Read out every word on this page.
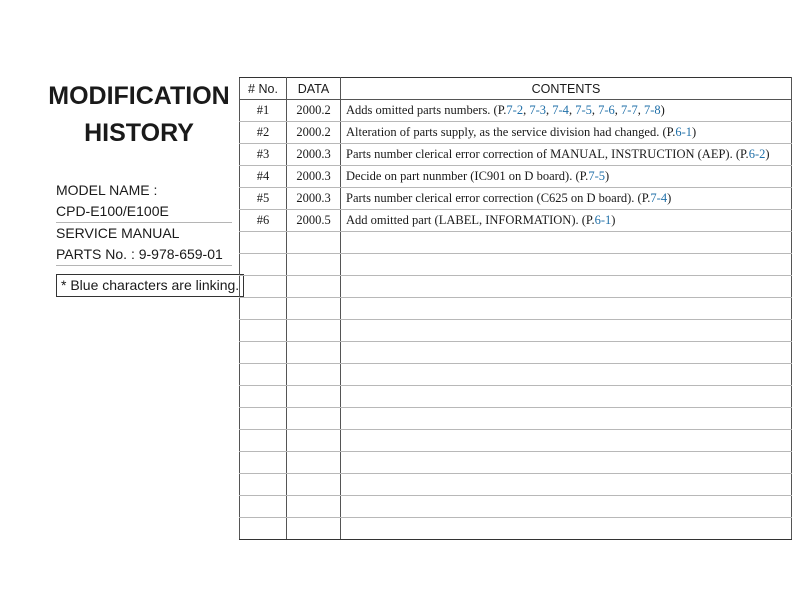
MODIFICATION
HISTORY
MODEL NAME :
CPD-E100/E100E
SERVICE MANUAL
PARTS No. : 9-978-659-01
* Blue characters are linking.
# No.	DATA	CONTENTS
#1	2000.2	Adds omitted parts numbers. (P.7-2, 7-3, 7-4, 7-5, 7-6, 7-7, 7-8)
#2	2000.2	Alteration of parts supply, as the service division had changed. (P.6-1)
#3	2000.3	Parts number clerical error correction of MANUAL, INSTRUCTION (AEP). (P.6-2)
#4	2000.3	Decide on part nunmber (IC901 on D board). (P.7-5)
#5	2000.3	Parts number clerical error correction (C625 on D board). (P.7-4)
#6	2000.5	Add omitted part (LABEL, INFORMATION). (P.6-1)
